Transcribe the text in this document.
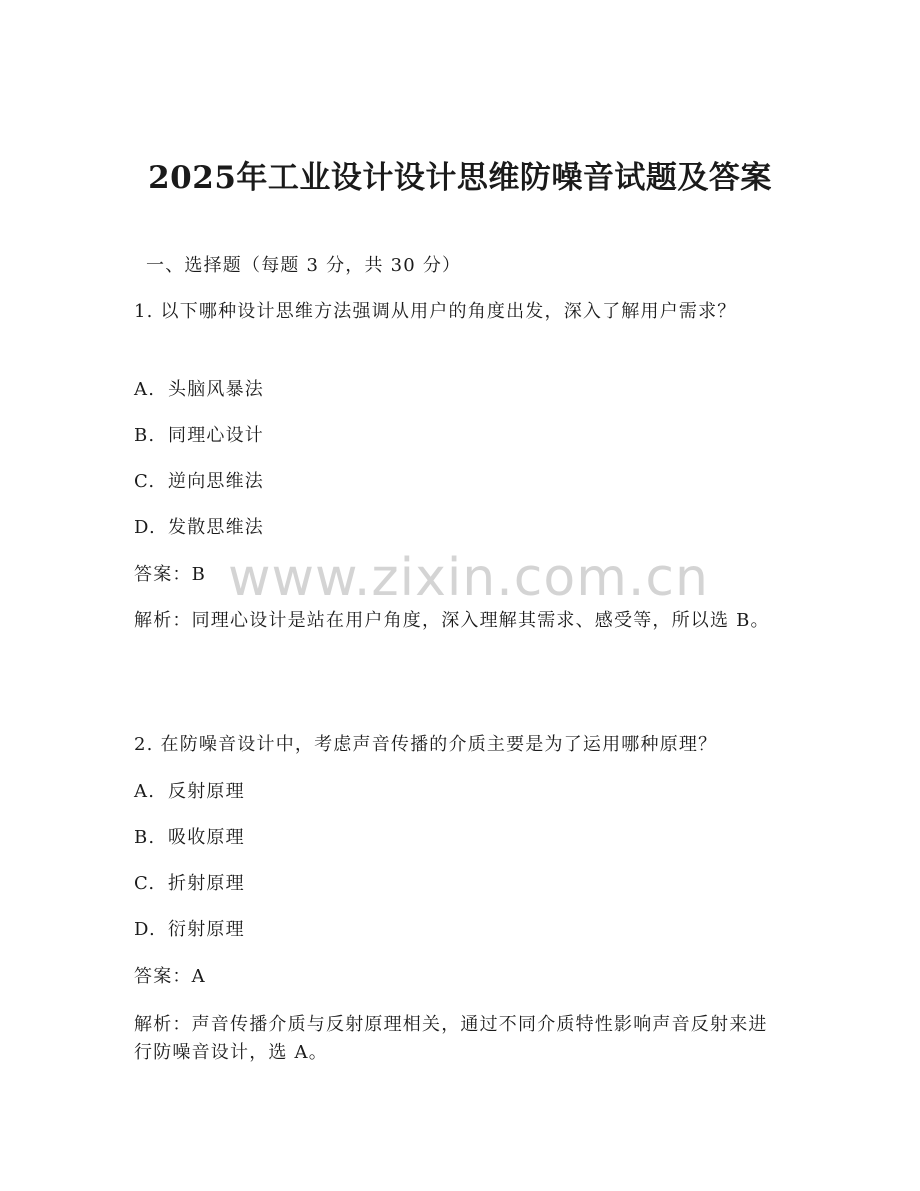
2025年工业设计设计思维防噪音试题及答案
一、选择题（每题 3 分，共 30 分）
1. 以下哪种设计思维方法强调从用户的角度出发，深入了解用户需求？
A. 头脑风暴法
B. 同理心设计
C. 逆向思维法
D. 发散思维法
答案：B
解析：同理心设计是站在用户角度，深入理解其需求、感受等，所以选 B。
2. 在防噪音设计中，考虑声音传播的介质主要是为了运用哪种原理？
A. 反射原理
B. 吸收原理
C. 折射原理
D. 衍射原理
答案：A
解析：声音传播介质与反射原理相关，通过不同介质特性影响声音反射来进行防噪音设计，选 A。
www.zixin.com.cn
